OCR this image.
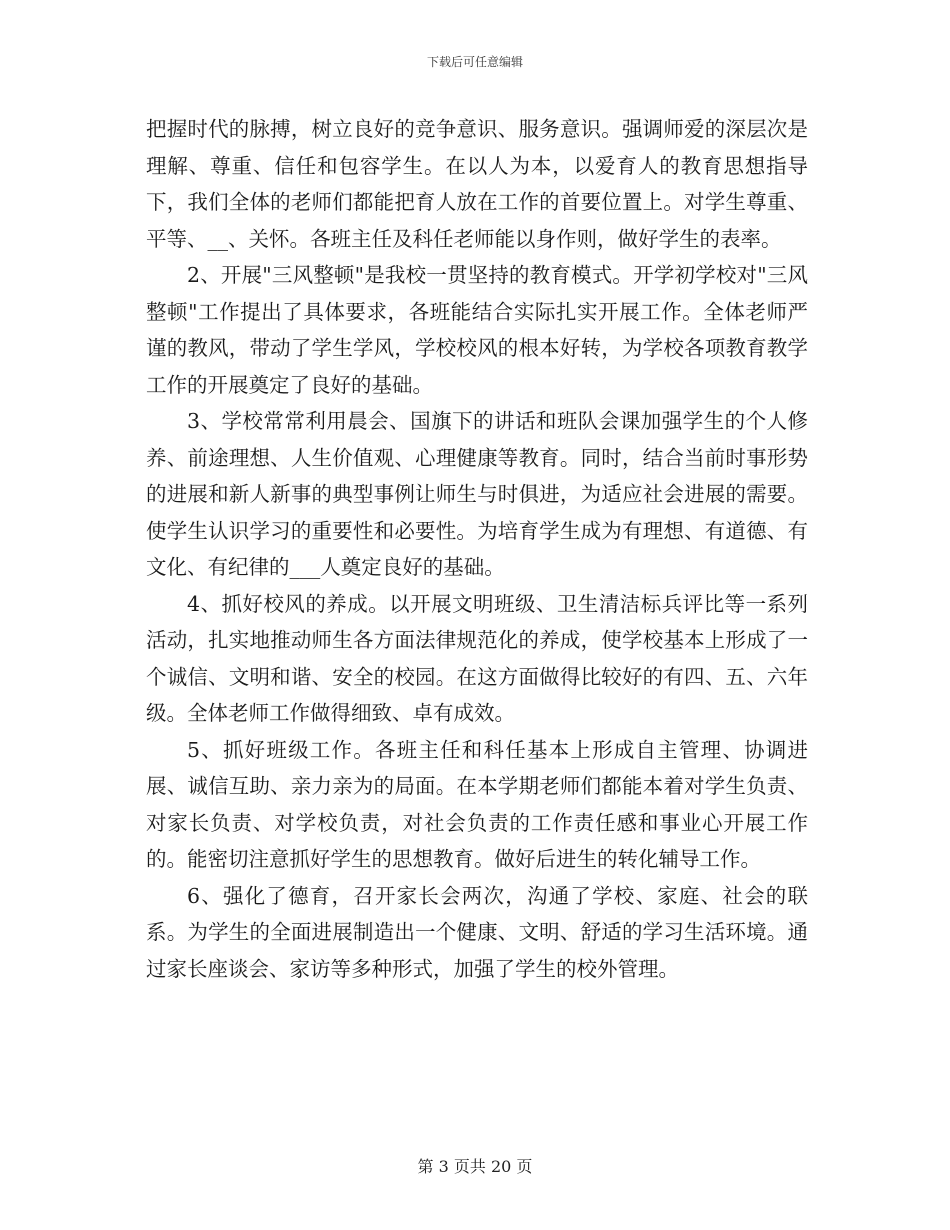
下载后可任意编辑

把握时代的脉搏，树立良好的竞争意识、服务意识。强调师爱的深层次是理解、尊重、信任和包容学生。在以人为本，以爱育人的教育思想指导下，我们全体的老师们都能把育人放在工作的首要位置上。对学生尊重、平等、__、关怀。各班主任及科任老师能以身作则，做好学生的表率。

2、开展"三风整顿"是我校一贯坚持的教育模式。开学初学校对"三风整顿"工作提出了具体要求，各班能结合实际扎实开展工作。全体老师严谨的教风，带动了学生学风，学校校风的根本好转，为学校各项教育教学工作的开展奠定了良好的基础。

3、学校常常利用晨会、国旗下的讲话和班队会课加强学生的个人修养、前途理想、人生价值观、心理健康等教育。同时，结合当前时事形势的进展和新人新事的典型事例让师生与时俱进，为适应社会进展的需要。使学生认识学习的重要性和必要性。为培育学生成为有理想、有道德、有文化、有纪律的___人奠定良好的基础。

4、抓好校风的养成。以开展文明班级、卫生清洁标兵评比等一系列活动，扎实地推动师生各方面法律规范化的养成，使学校基本上形成了一个诚信、文明和谐、安全的校园。在这方面做得比较好的有四、五、六年级。全体老师工作做得细致、卓有成效。

5、抓好班级工作。各班主任和科任基本上形成自主管理、协调进展、诚信互助、亲力亲为的局面。在本学期老师们都能本着对学生负责、对家长负责、对学校负责，对社会负责的工作责任感和事业心开展工作的。能密切注意抓好学生的思想教育。做好后进生的转化辅导工作。

6、强化了德育，召开家长会两次，沟通了学校、家庭、社会的联系。为学生的全面进展制造出一个健康、文明、舒适的学习生活环境。通过家长座谈会、家访等多种形式，加强了学生的校外管理。

第 3 页共 20 页
